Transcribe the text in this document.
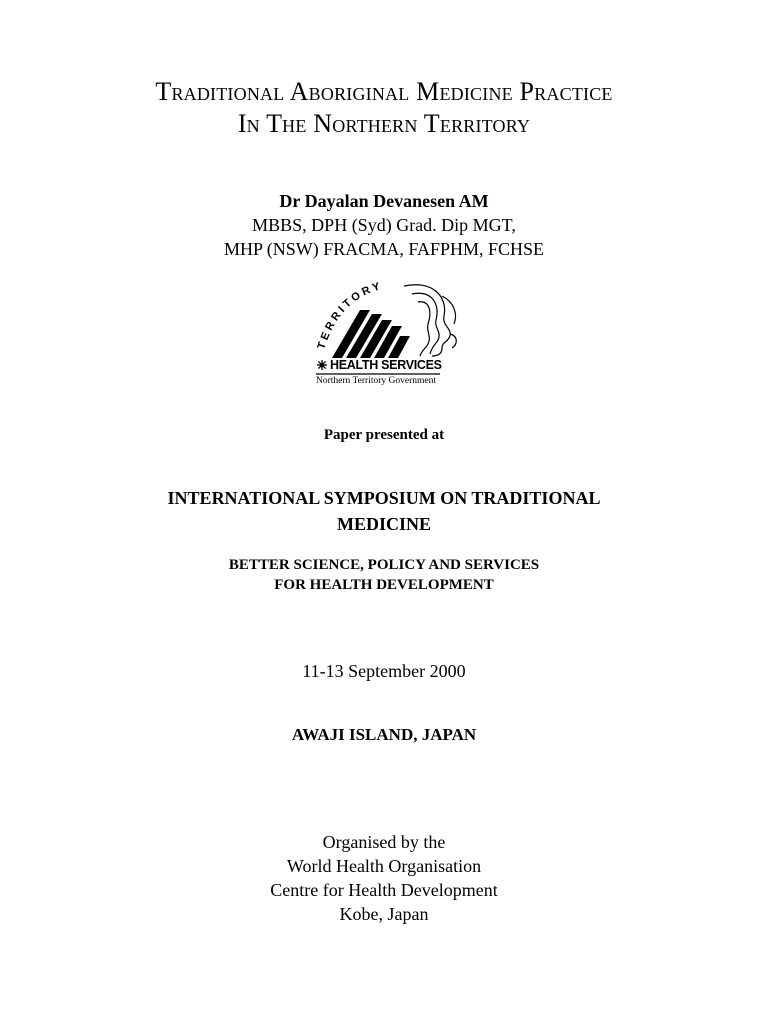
Traditional Aboriginal Medicine Practice
In The Northern Territory
Dr Dayalan Devanesen AM
MBBS, DPH (Syd) Grad. Dip MGT,
MHP (NSW) FRACMA, FAFPHM, FCHSE
TERRITORY
HEALTH SERVICES
Northern Territory Government
Paper presented at
INTERNATIONAL SYMPOSIUM ON TRADITIONAL
MEDICINE
BETTER SCIENCE, POLICY AND SERVICES
FOR HEALTH DEVELOPMENT
11-13 September 2000
AWAJI ISLAND, JAPAN
Organised by the
World Health Organisation
Centre for Health Development
Kobe, Japan
